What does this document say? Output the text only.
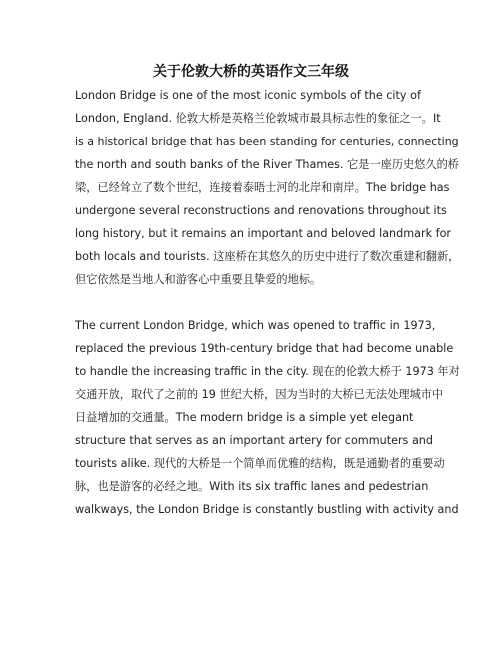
关于伦敦大桥的英语作文三年级
London Bridge is one of the most iconic symbols of the city of
London, England. 伦敦大桥是英格兰伦敦城市最具标志性的象征之一。It
is a historical bridge that has been standing for centuries, connecting
the north and south banks of the River Thames. 它是一座历史悠久的桥
梁，已经耸立了数个世纪，连接着泰晤士河的北岸和南岸。The bridge has
undergone several reconstructions and renovations throughout its
long history, but it remains an important and beloved landmark for
both locals and tourists. 这座桥在其悠久的历史中进行了数次重建和翻新，
但它依然是当地人和游客心中重要且挚爱的地标。
The current London Bridge, which was opened to traffic in 1973,
replaced the previous 19th-century bridge that had become unable
to handle the increasing traffic in the city. 现在的伦敦大桥于 1973 年对
交通开放，取代了之前的 19 世纪大桥，因为当时的大桥已无法处理城市中
日益增加的交通量。The modern bridge is a simple yet elegant
structure that serves as an important artery for commuters and
tourists alike. 现代的大桥是一个简单而优雅的结构，既是通勤者的重要动
脉，也是游客的必经之地。With its six traffic lanes and pedestrian
walkways, the London Bridge is constantly bustling with activity and
